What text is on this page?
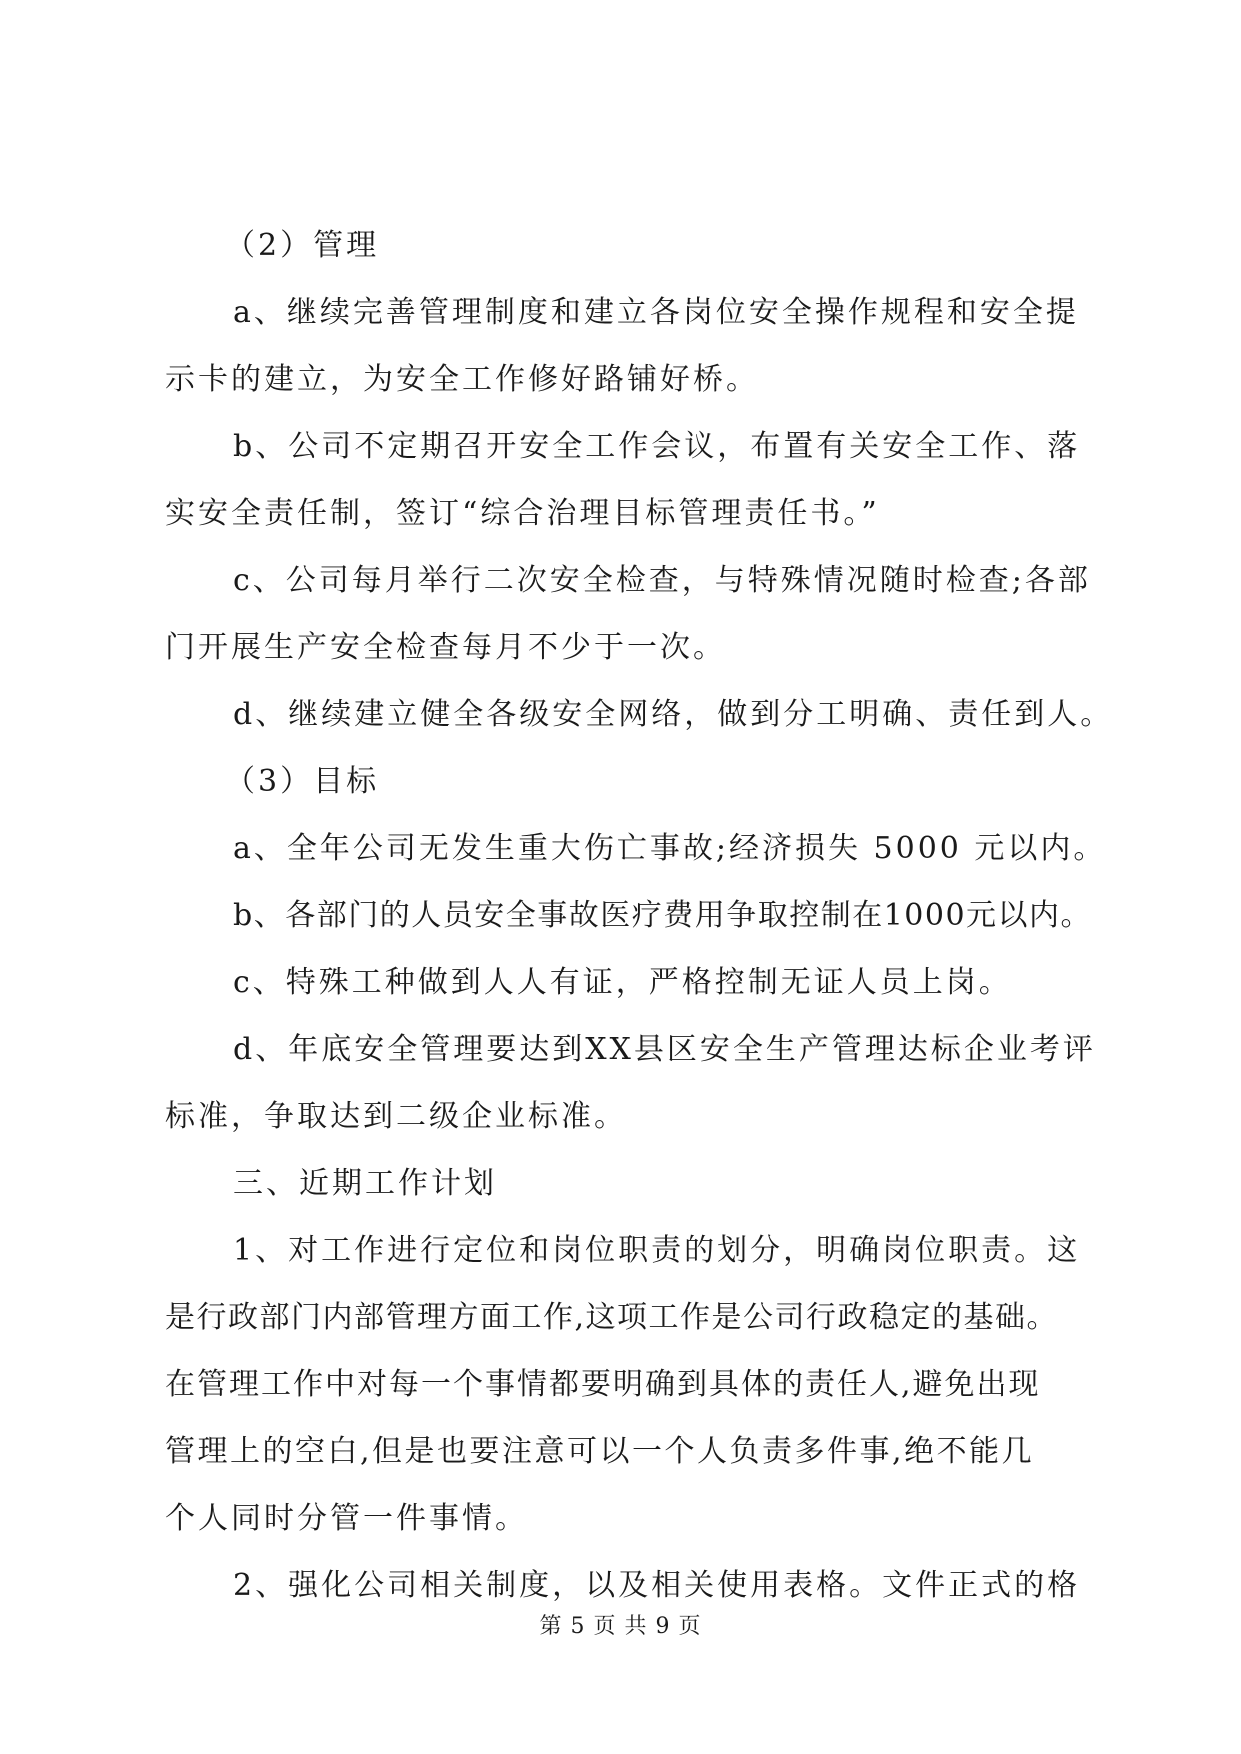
（2）管理
a、继续完善管理制度和建立各岗位安全操作规程和安全提
示卡的建立，为安全工作修好路铺好桥。
b、公司不定期召开安全工作会议，布置有关安全工作、落
实安全责任制，签订“综合治理目标管理责任书。”
c、公司每月举行二次安全检查，与特殊情况随时检查;各部
门开展生产安全检查每月不少于一次。
d、继续建立健全各级安全网络，做到分工明确、责任到人。
（3）目标
a、全年公司无发生重大伤亡事故;经济损失 5000 元以内。
b、各部门的人员安全事故医疗费用争取控制在1000元以内。
c、特殊工种做到人人有证，严格控制无证人员上岗。
d、年底安全管理要达到XX县区安全生产管理达标企业考评
标准，争取达到二级企业标准。
三、近期工作计划
1、对工作进行定位和岗位职责的划分，明确岗位职责。这
是行政部门内部管理方面工作,这项工作是公司行政稳定的基础。
在管理工作中对每一个事情都要明确到具体的责任人,避免出现
管理上的空白,但是也要注意可以一个人负责多件事,绝不能几
个人同时分管一件事情。
2、强化公司相关制度，以及相关使用表格。文件正式的格
第 5 页 共 9 页
